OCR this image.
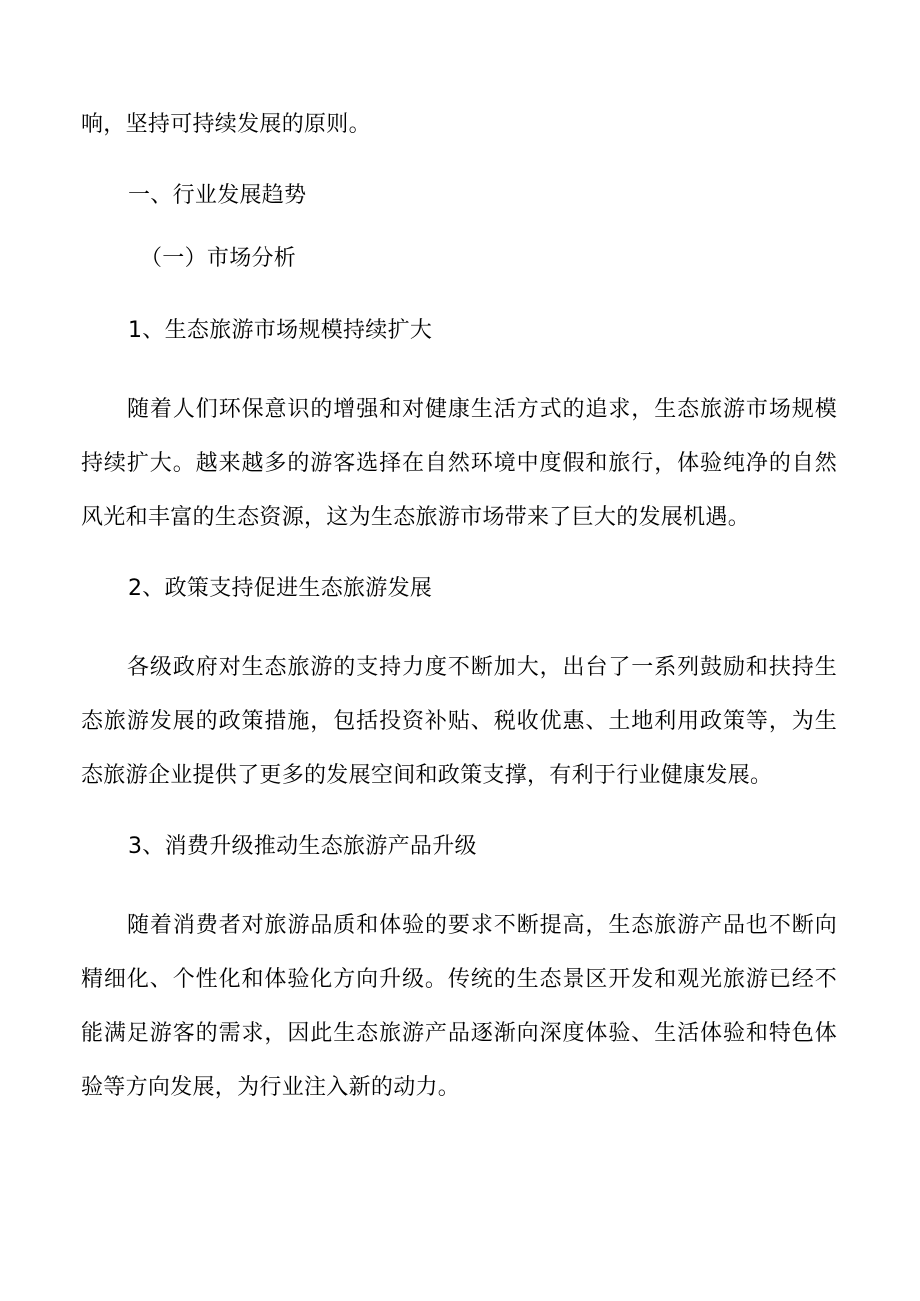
响，坚持可持续发展的原则。
一、行业发展趋势
（一）市场分析
1、生态旅游市场规模持续扩大
随着人们环保意识的增强和对健康生活方式的追求，生态旅游市场规模持续扩大。越来越多的游客选择在自然环境中度假和旅行，体验纯净的自然风光和丰富的生态资源，这为生态旅游市场带来了巨大的发展机遇。
2、政策支持促进生态旅游发展
各级政府对生态旅游的支持力度不断加大，出台了一系列鼓励和扶持生态旅游发展的政策措施，包括投资补贴、税收优惠、土地利用政策等，为生态旅游企业提供了更多的发展空间和政策支撑，有利于行业健康发展。
3、消费升级推动生态旅游产品升级
随着消费者对旅游品质和体验的要求不断提高，生态旅游产品也不断向精细化、个性化和体验化方向升级。传统的生态景区开发和观光旅游已经不能满足游客的需求，因此生态旅游产品逐渐向深度体验、生活体验和特色体验等方向发展，为行业注入新的动力。
